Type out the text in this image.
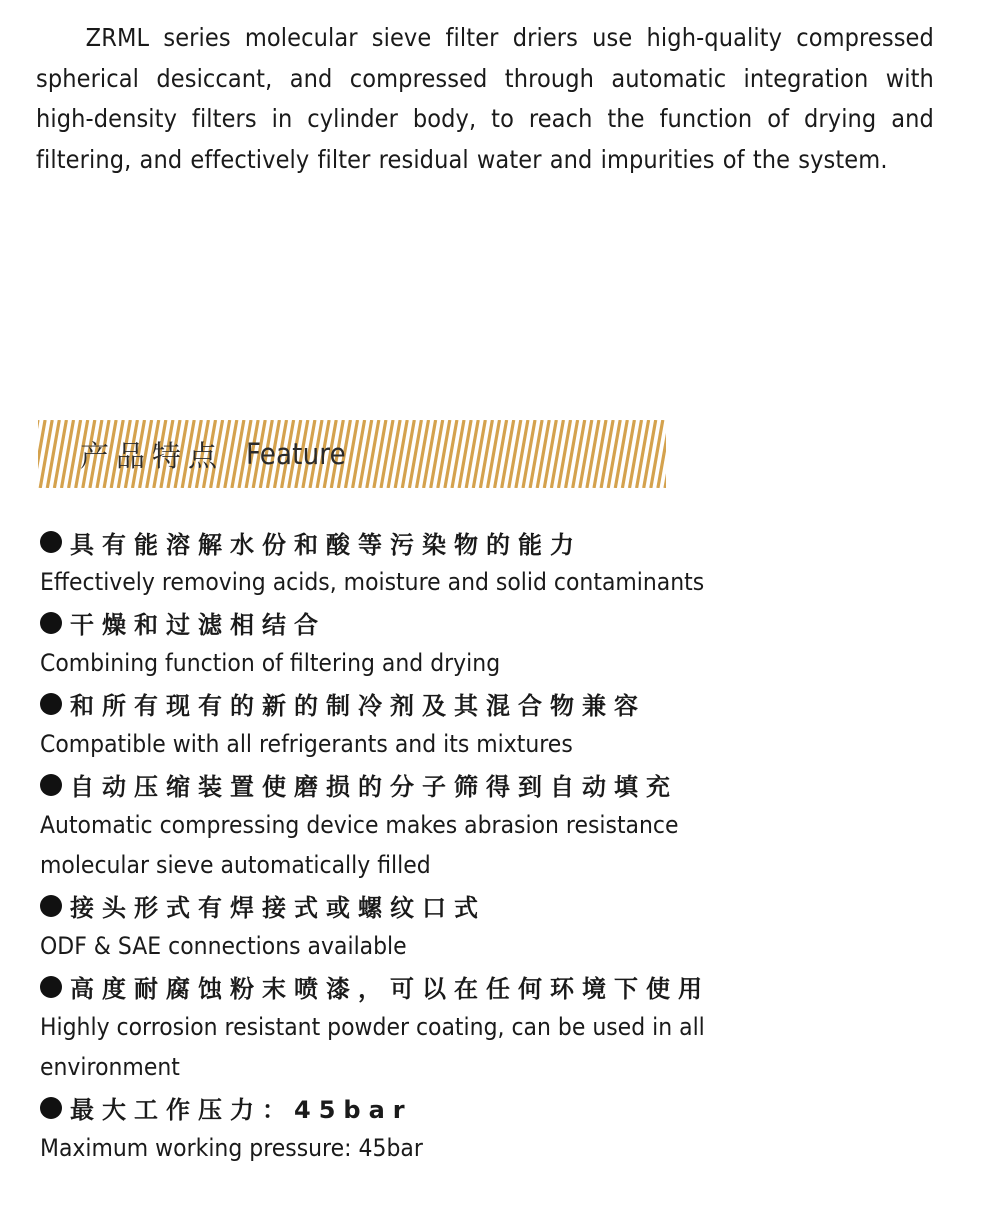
ZRML series molecular sieve filter driers use high-quality compressed spherical desiccant, and compressed through automatic integration with high-density filters in cylinder body, to reach the function of drying and filtering, and effectively filter residual water and impurities of the system.

产品特点 Feature
具有能溶解水份和酸等污染物的能力
Effectively removing acids, moisture and solid contaminants
干燥和过滤相结合
Combining function of filtering and drying
和所有现有的新的制冷剂及其混合物兼容
Compatible with all refrigerants and its mixtures
自动压缩装置使磨损的分子筛得到自动填充
Automatic compressing device makes abrasion resistance
molecular sieve automatically filled
接头形式有焊接式或螺纹口式
ODF & SAE connections available
高度耐腐蚀粉末喷漆，可以在任何环境下使用
Highly corrosion resistant powder coating, can be used in all
environment
最大工作压力：45bar
Maximum working pressure: 45bar
